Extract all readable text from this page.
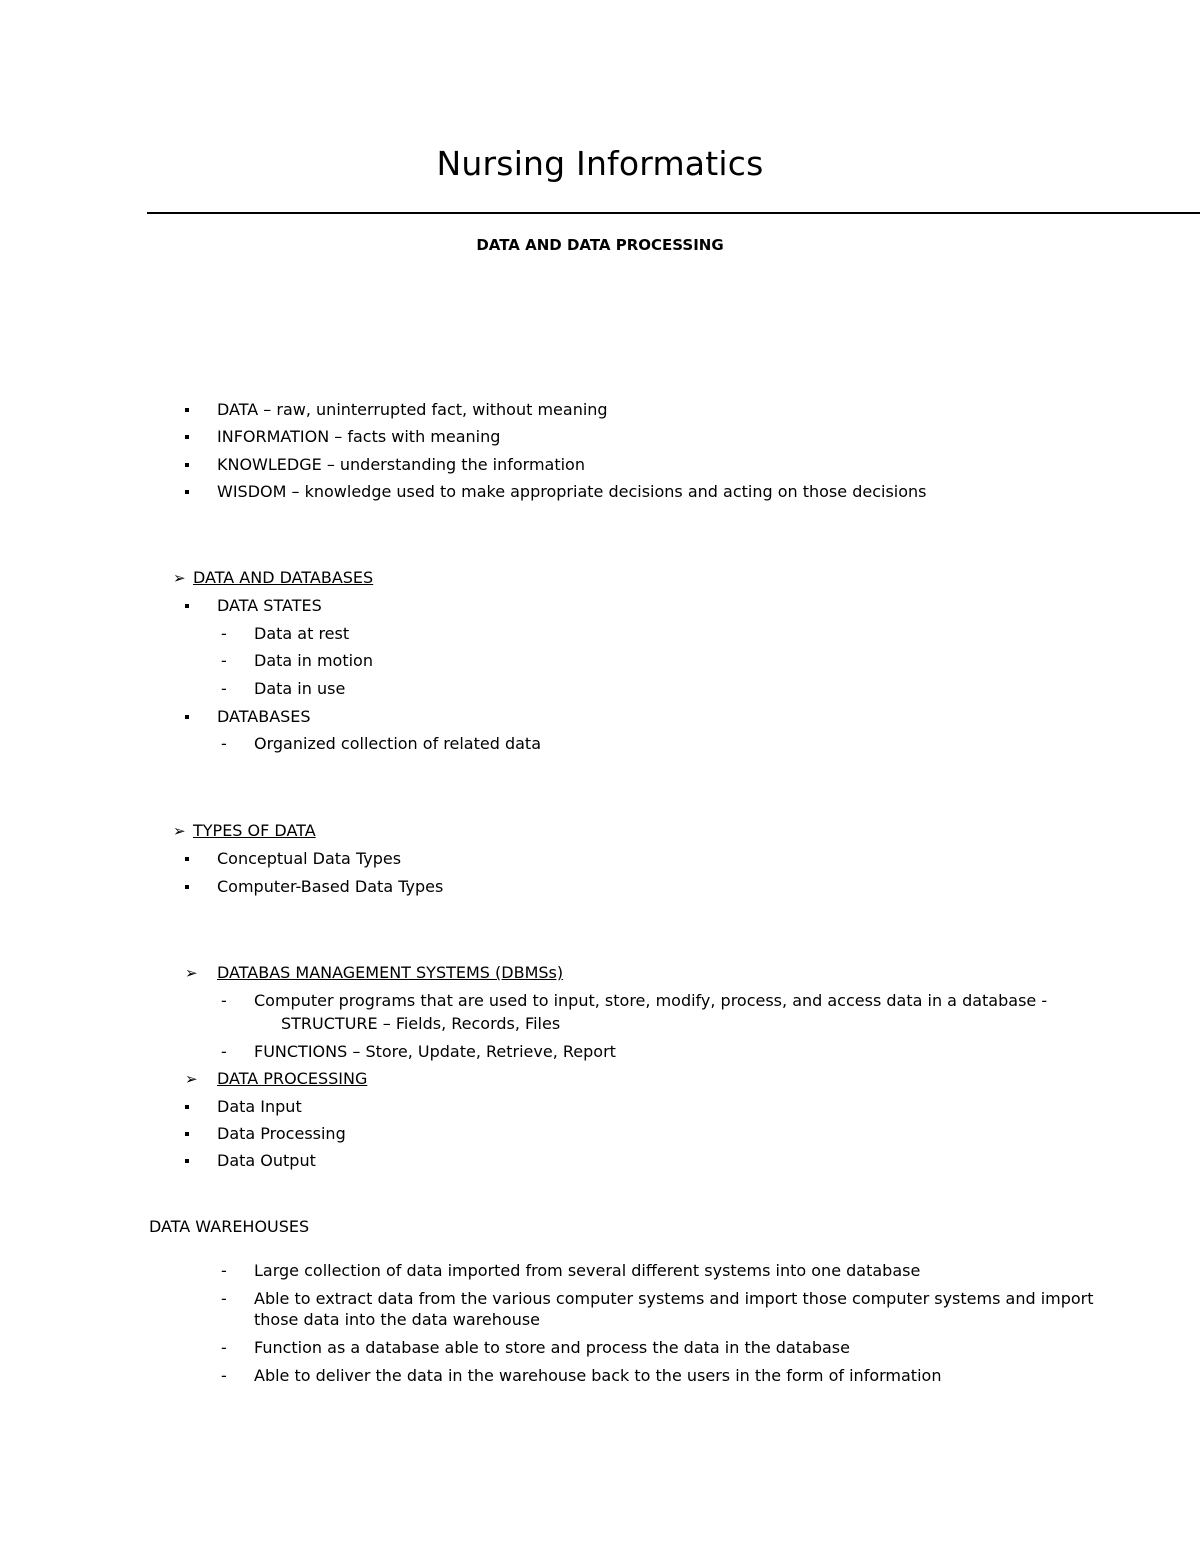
Nursing Informatics
DATA AND DATA PROCESSING
DATA – raw, uninterrupted fact, without meaning
INFORMATION – facts with meaning
KNOWLEDGE – understanding the information
WISDOM – knowledge used to make appropriate decisions and acting on those decisions
➢ DATA AND DATABASES
DATA STATES
- Data at rest
- Data in motion
- Data in use
DATABASES
- Organized collection of related data
➢ TYPES OF DATA
Conceptual Data Types
Computer-Based Data Types
➢ DATABAS MANAGEMENT SYSTEMS (DBMSs)
- Computer programs that are used to input, store, modify, process, and access data in a database -
STRUCTURE – Fields, Records, Files
- FUNCTIONS – Store, Update, Retrieve, Report
➢ DATA PROCESSING
Data Input
Data Processing
Data Output
DATA WAREHOUSES
- Large collection of data imported from several different systems into one database
- Able to extract data from the various computer systems and import those computer systems and import
those data into the data warehouse
- Function as a database able to store and process the data in the database
- Able to deliver the data in the warehouse back to the users in the form of information
